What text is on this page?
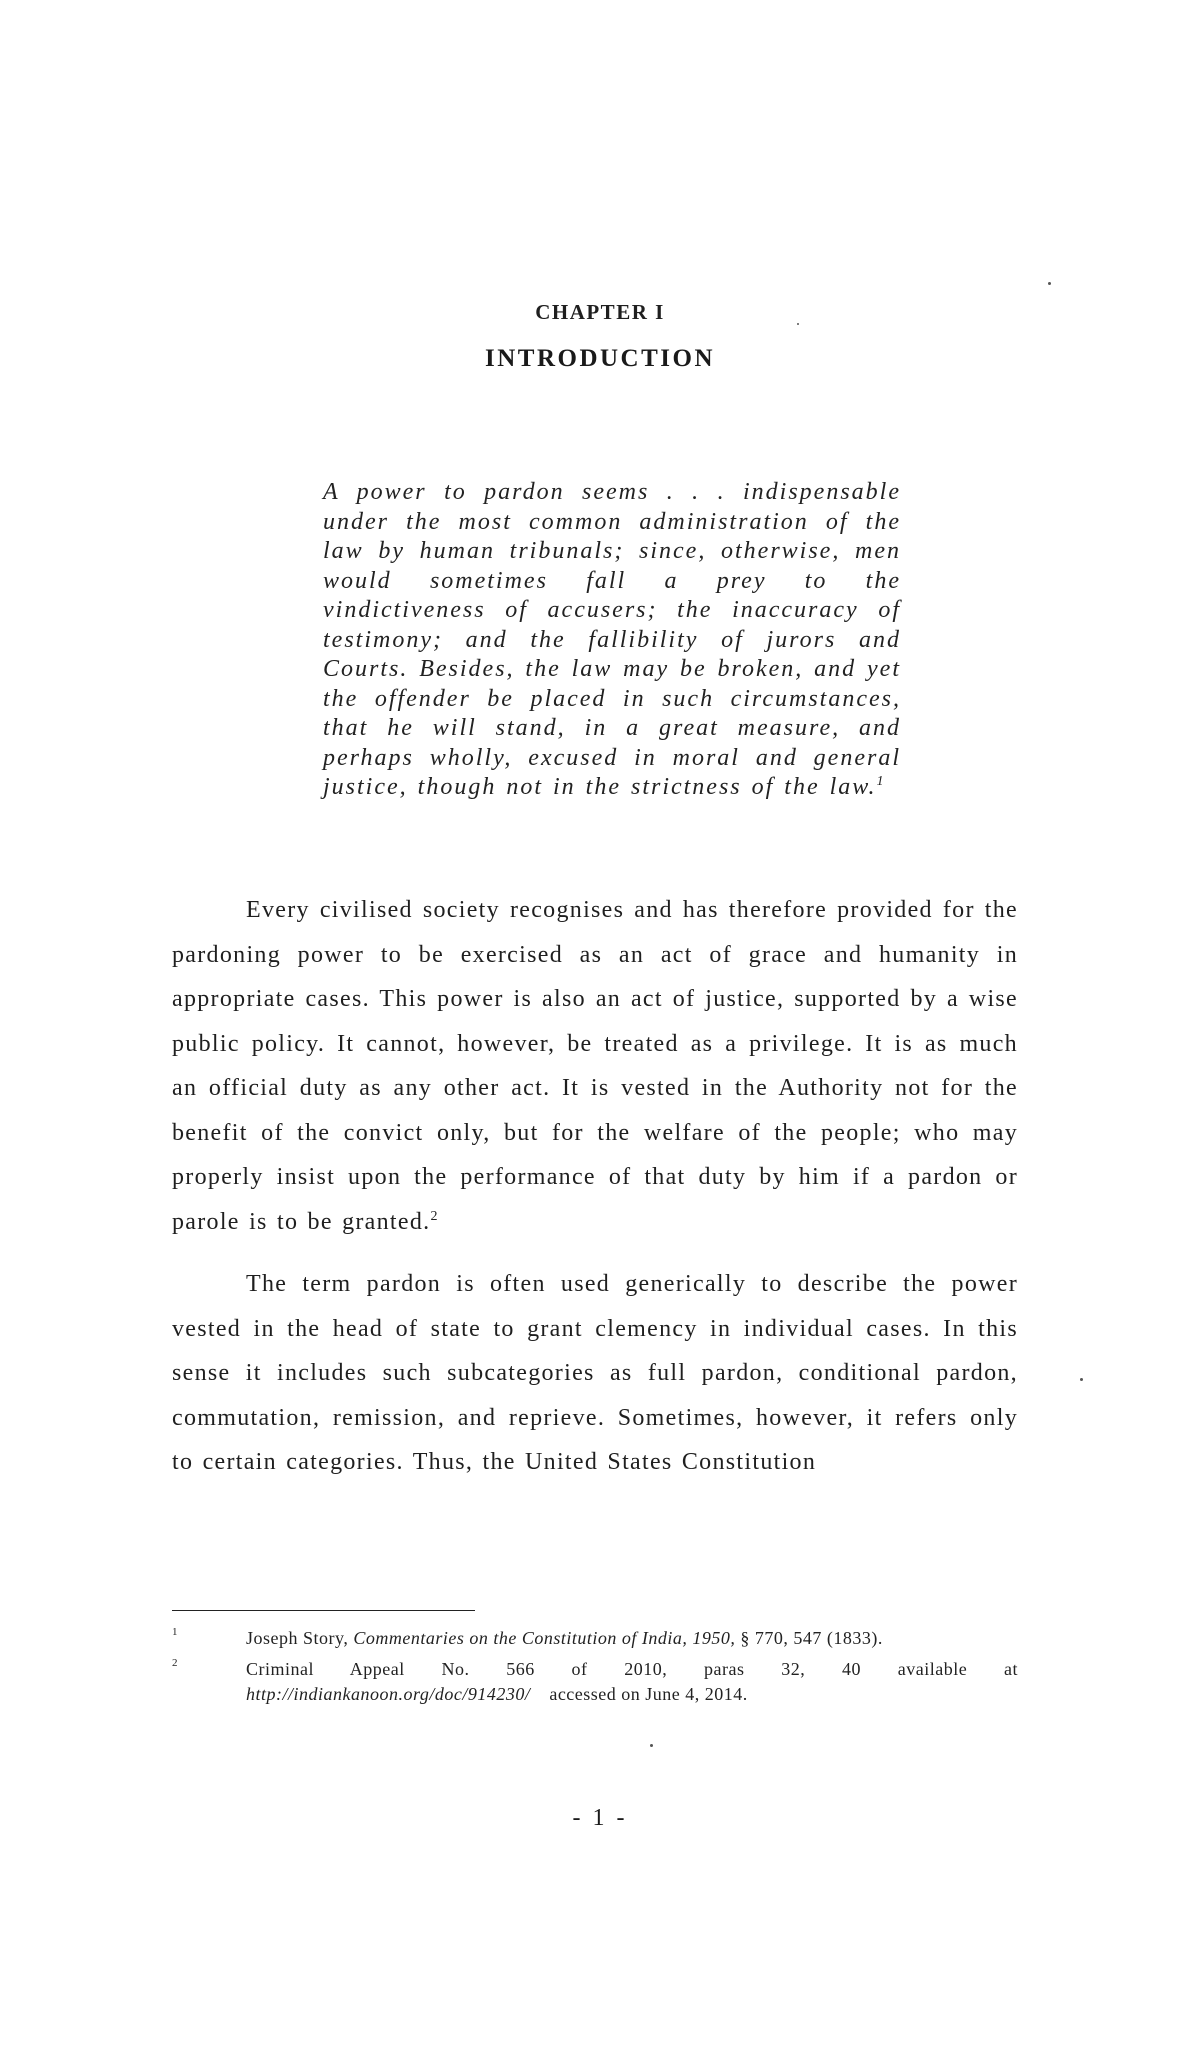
CHAPTER I
INTRODUCTION
A power to pardon seems . . . indispensable under the most common administration of the law by human tribunals; since, otherwise, men would sometimes fall a prey to the vindictiveness of accusers; the inaccuracy of testimony; and the fallibility of jurors and Courts. Besides, the law may be broken, and yet the offender be placed in such circumstances, that he will stand, in a great measure, and perhaps wholly, excused in moral and general justice, though not in the strictness of the law.$^1$

Every civilised society recognises and has therefore provided for the pardoning power to be exercised as an act of grace and humanity in appropriate cases. This power is also an act of justice, supported by a wise public policy. It cannot, however, be treated as a privilege. It is as much an official duty as any other act. It is vested in the Authority not for the benefit of the convict only, but for the welfare of the people; who may properly insist upon the performance of that duty by him if a pardon or parole is to be granted.$^2$

The term pardon is often used generically to describe the power vested in the head of state to grant clemency in individual cases. In this sense it includes such subcategories as full pardon, conditional pardon, commutation, remission, and reprieve. Sometimes, however, it refers only to certain categories. Thus, the United States Constitution

1	Joseph Story, Commentaries on the Constitution of India, 1950, § 770, 547 (1833).
2	Criminal Appeal No. 566 of 2010, paras 32, 40 available at http://indiankanoon.org/doc/914230/ accessed on June 4, 2014.
- 1 -
